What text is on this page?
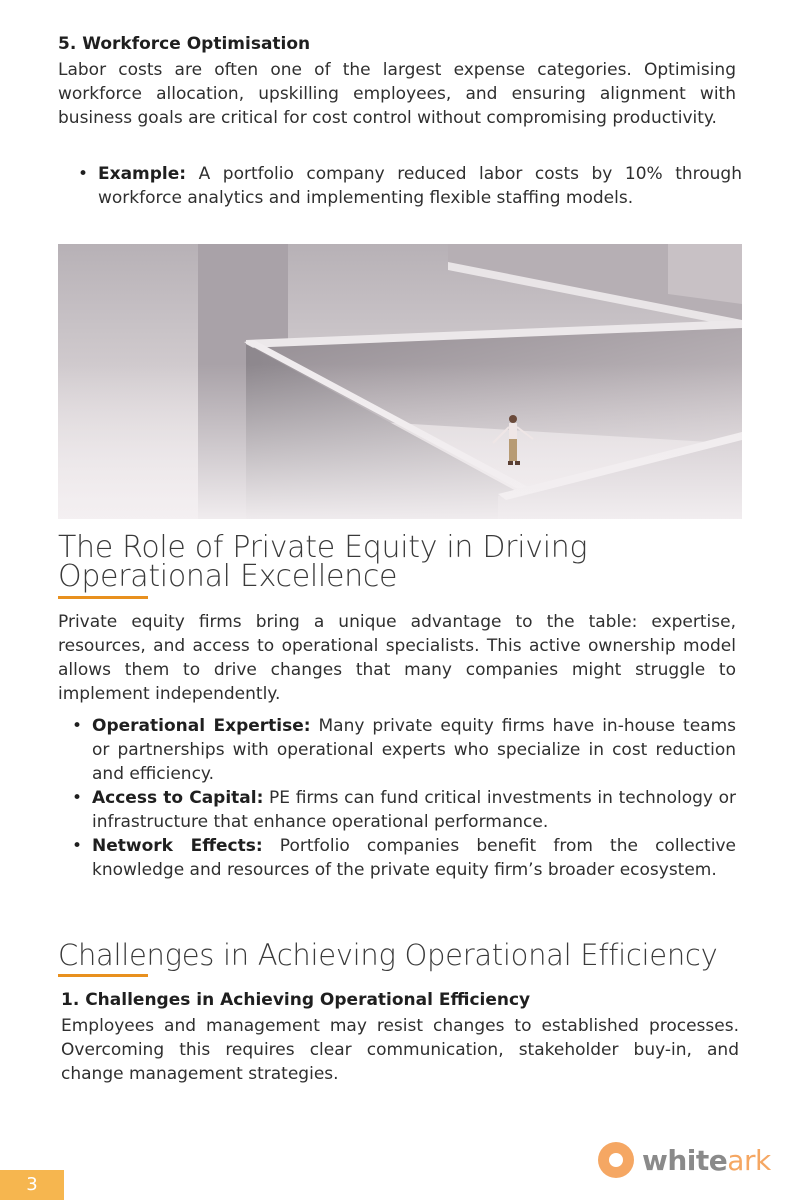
5. Workforce Optimisation
Labor costs are often one of the largest expense categories. Optimising workforce allocation, upskilling employees, and ensuring alignment with business goals are critical for cost control without compromising productivity.
• Example: A portfolio company reduced labor costs by 10% through workforce analytics and implementing flexible staffing models.
The Role of Private Equity in Driving
Operational Excellence
Private equity firms bring a unique advantage to the table: expertise, resources, and access to operational specialists. This active ownership model allows them to drive changes that many companies might struggle to implement independently.
• Operational Expertise: Many private equity firms have in-house teams or partnerships with operational experts who specialize in cost reduction and efficiency.
• Access to Capital: PE firms can fund critical investments in technology or infrastructure that enhance operational performance.
• Network Effects: Portfolio companies benefit from the collective knowledge and resources of the private equity firm’s broader ecosystem.
Challenges in Achieving Operational Efficiency
1. Challenges in Achieving Operational Efficiency
Employees and management may resist changes to established processes. Overcoming this requires clear communication, stakeholder buy-in, and change management strategies.
3
white ark
